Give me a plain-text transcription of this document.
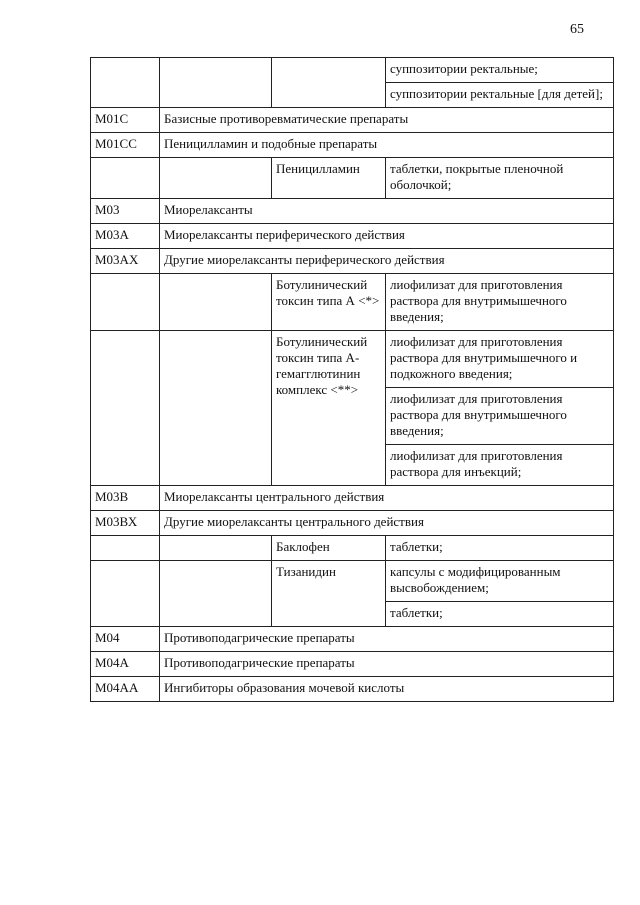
65
			суппозитории ректальные;
			суппозитории ректальные [для детей];
М01С	Базисные противоревматические препараты		
М01СС	Пеницилламин и подобные препараты		
		Пеницилламин	таблетки, покрытые пленочной оболочкой;
М03	Миорелаксанты		
М03А	Миорелаксанты периферического действия		
М03АХ	Другие миорелаксанты периферического действия		
		Ботулинический токсин типа А <*>	лиофилизат для приготовления раствора для внутримышечного введения;
		Ботулинический токсин типа А-гемагглютинин комплекс <**>	лиофилизат для приготовления раствора для внутримышечного и подкожного введения;
			лиофилизат для приготовления раствора для внутримышечного введения;
			лиофилизат для приготовления раствора для инъекций;
М03В	Миорелаксанты центрального действия		
М03ВХ	Другие миорелаксанты центрального действия		
		Баклофен	таблетки;
		Тизанидин	капсулы с модифицированным высвобождением;
			таблетки;
М04	Противоподагрические препараты		
М04А	Противоподагрические препараты		
М04АА	Ингибиторы образования мочевой кислоты		
